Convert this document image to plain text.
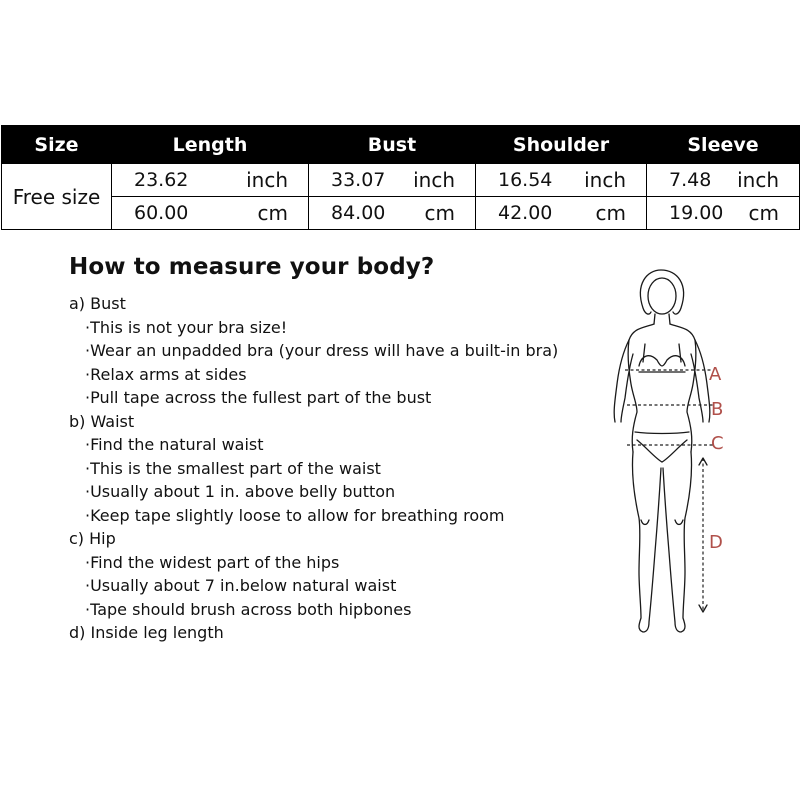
Size	Length	Bust	Shoulder	Sleeve
Free size	23.62 inch	33.07 inch	16.54 inch	7.48 inch

	60.00 cm	84.00 cm	42.00 cm	19.00 cm
How to measure your body?
a) Bust
·This is not your bra size!
·Wear an unpadded bra (your dress will have a built-in bra)
·Relax arms at sides
·Pull tape across the fullest part of the bust
b) Waist
·Find the natural waist
·This is the smallest part of the waist
·Usually about 1 in. above belly button
·Keep tape slightly loose to allow for breathing room
c) Hip
·Find the widest part of the hips
·Usually about 7 in.below natural waist
·Tape should brush across both hipbones
d) Inside leg length
A
B
C
D
